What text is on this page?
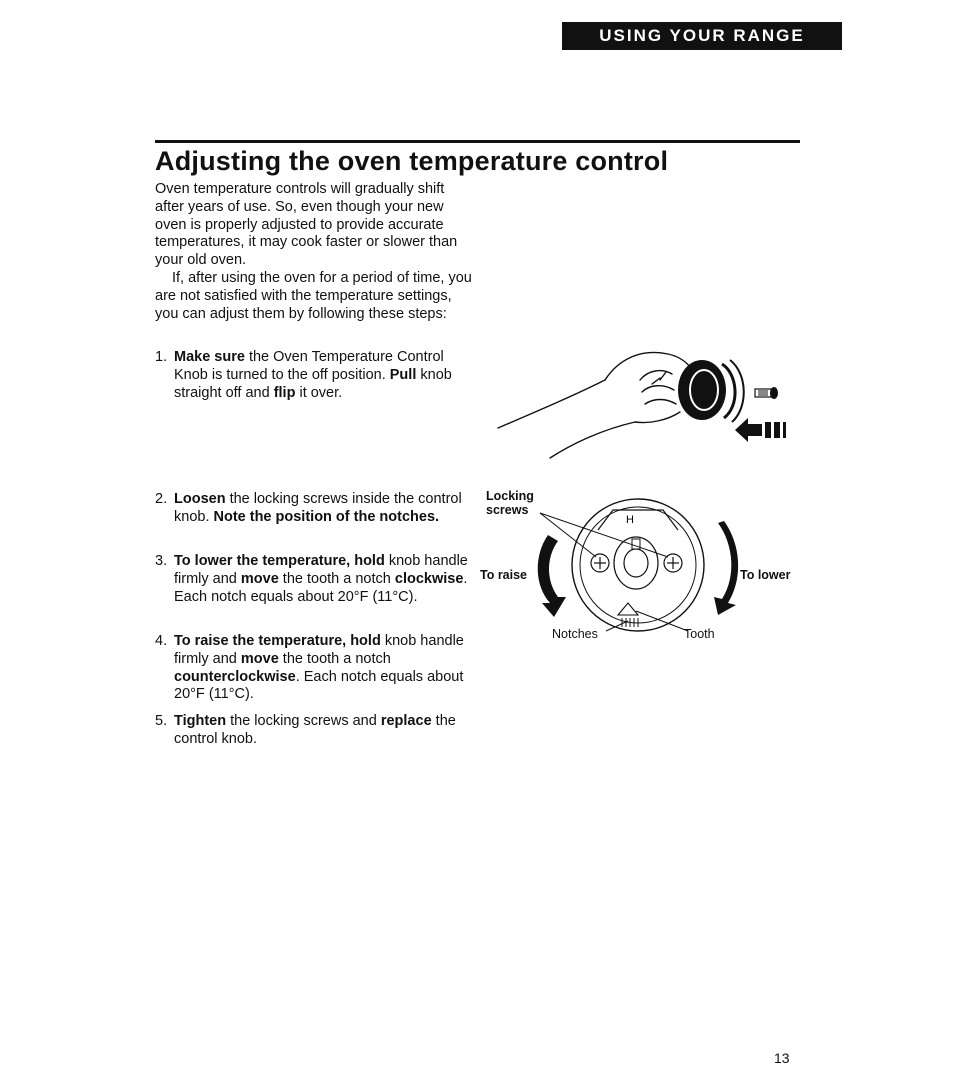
USING YOUR RANGE
Adjusting the oven temperature control

Oven temperature controls will gradually shift after years of use. So, even though your new oven is properly adjusted to provide accurate temperatures, it may cook faster or slower than your old oven.

If, after using the oven for a period of time, you are not satisfied with the temperature settings, you can adjust them by following these steps:

1. Make sure the Oven Temperature Control Knob is turned to the off position. Pull knob straight off and flip it over.
2. Loosen the locking screws inside the control knob. Note the position of the notches.
3. To lower the temperature, hold knob handle firmly and move the tooth a notch clockwise. Each notch equals about 20°F (11°C).
4. To raise the temperature, hold knob handle firmly and move the tooth a notch counterclockwise. Each notch equals about 20°F (11°C).
5. Tighten the locking screws and replace the control knob.
H
Locking
screws
To raise	To lower
Notches	Tooth
13
